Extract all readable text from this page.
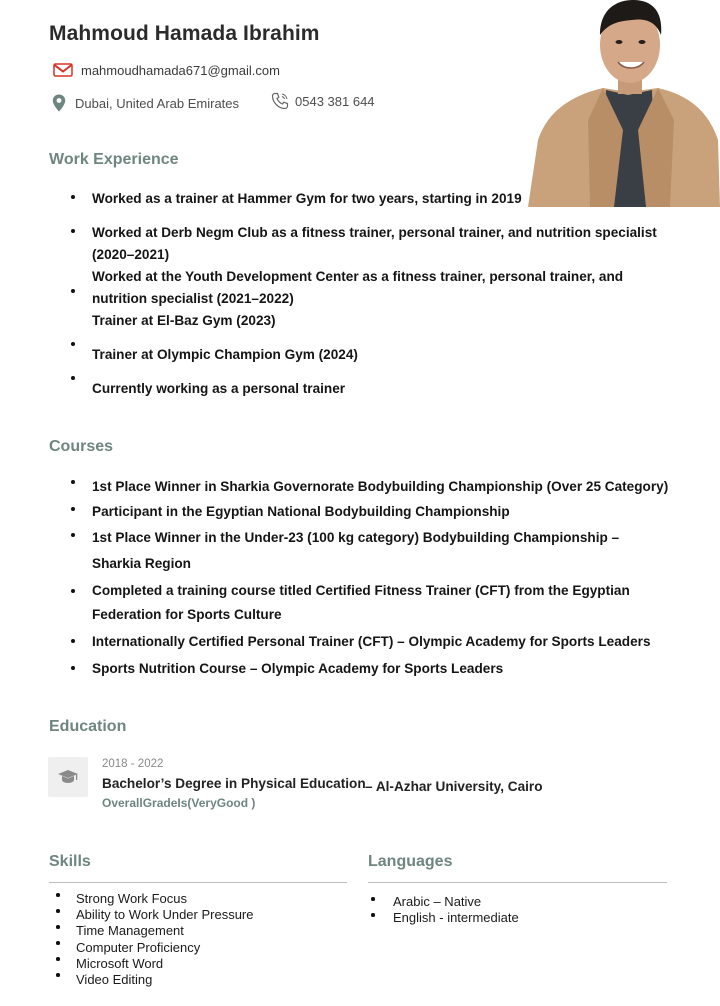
Mahmoud Hamada Ibrahim
mahmoudhamada671@gmail.com
Dubai, United Arab Emirates	0543 381 644
Work Experience
Worked as a trainer at Hammer Gym for two years, starting in 2019
Worked at Derb Negm Club as a fitness trainer, personal trainer, and nutrition specialist
(2020–2021)
Worked at the Youth Development Center as a fitness trainer, personal trainer, and
nutrition specialist (2021–2022)
Trainer at El-Baz Gym (2023)
Trainer at Olympic Champion Gym (2024)
Currently working as a personal trainer
Courses
1st Place Winner in Sharkia Governorate Bodybuilding Championship (Over 25 Category)
Participant in the Egyptian National Bodybuilding Championship
1st Place Winner in the Under-23 (100 kg category) Bodybuilding Championship –
Sharkia Region
Completed a training course titled Certified Fitness Trainer (CFT) from the Egyptian
Federation for Sports Culture
Internationally Certified Personal Trainer (CFT) – Olympic Academy for Sports Leaders
Sports Nutrition Course – Olympic Academy for Sports Leaders
Education
2018 - 2022
Bachelor’s Degree in Physical Education – Al-Azhar University, Cairo
OverallGradeIs(VeryGood )
Skills
Strong Work Focus
Ability to Work Under Pressure
Time Management
Computer Proficiency
Microsoft Word
Video Editing
Languages
Arabic – Native
English - intermediate
